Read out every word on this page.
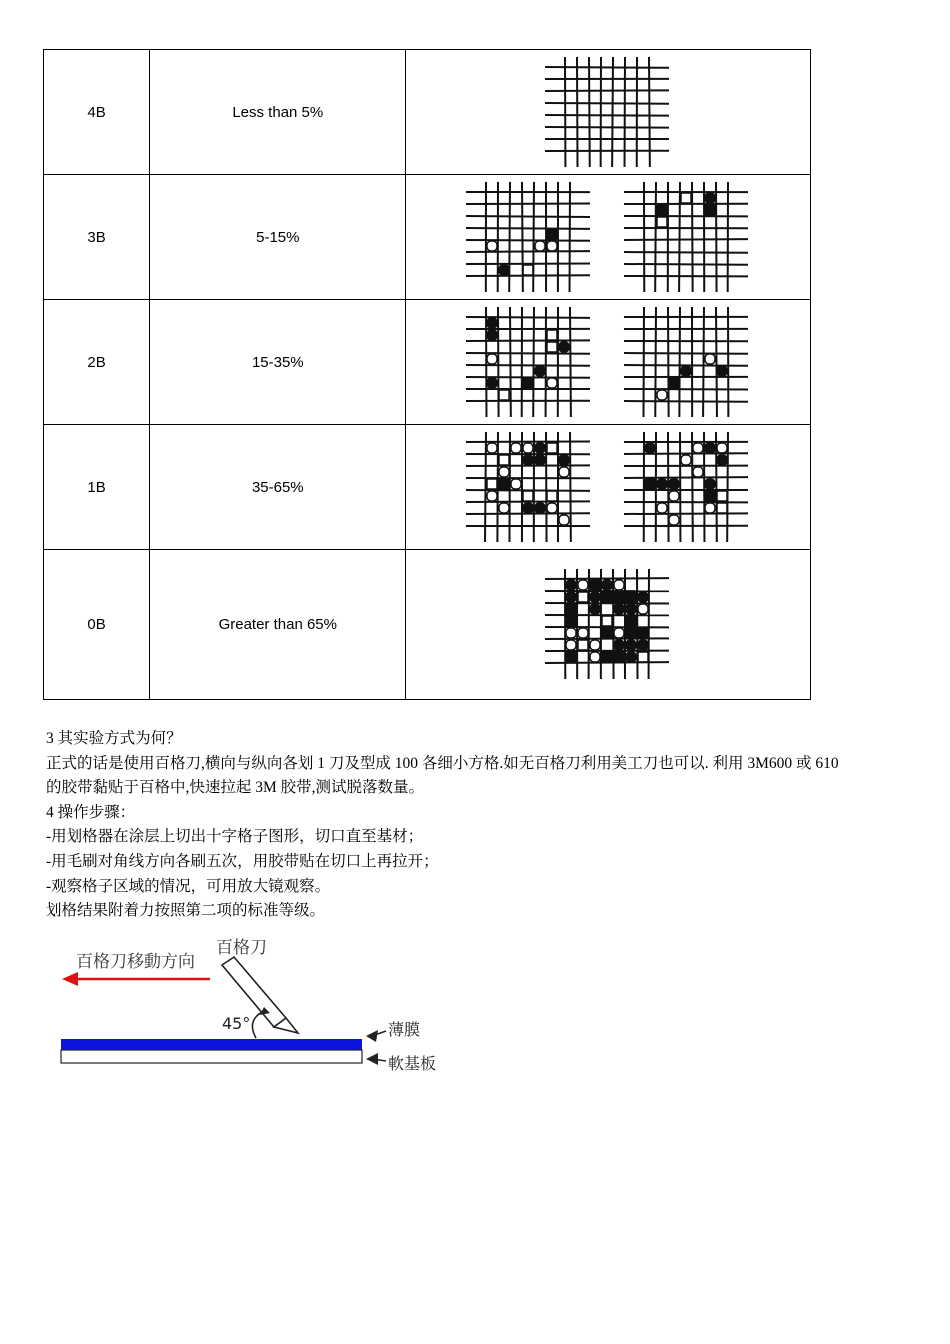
4B	Less than 5%	

3B	5-15%	

2B	15-35%	

1B	35-65%	

0B	Greater than 65%	

3 其实验方式为何？

正式的话是使用百格刀,横向与纵向各划 1 刀及型成 100 各细小方格.如无百格刀利用美工刀也可以. 利用 3M600 或 610

的胶带黏贴于百格中,快速拉起 3M 胶带,测试脱落数量。

4 操作步骤：

-用划格器在涂层上切出十字格子图形，切口直至基材；

-用毛刷对角线方向各刷五次，用胶带贴在切口上再拉开；

-观察格子区域的情况，可用放大镜观察。

划格结果附着力按照第二项的标准等级。

百格刀移動方向
百格刀
45°	薄膜
軟基板
